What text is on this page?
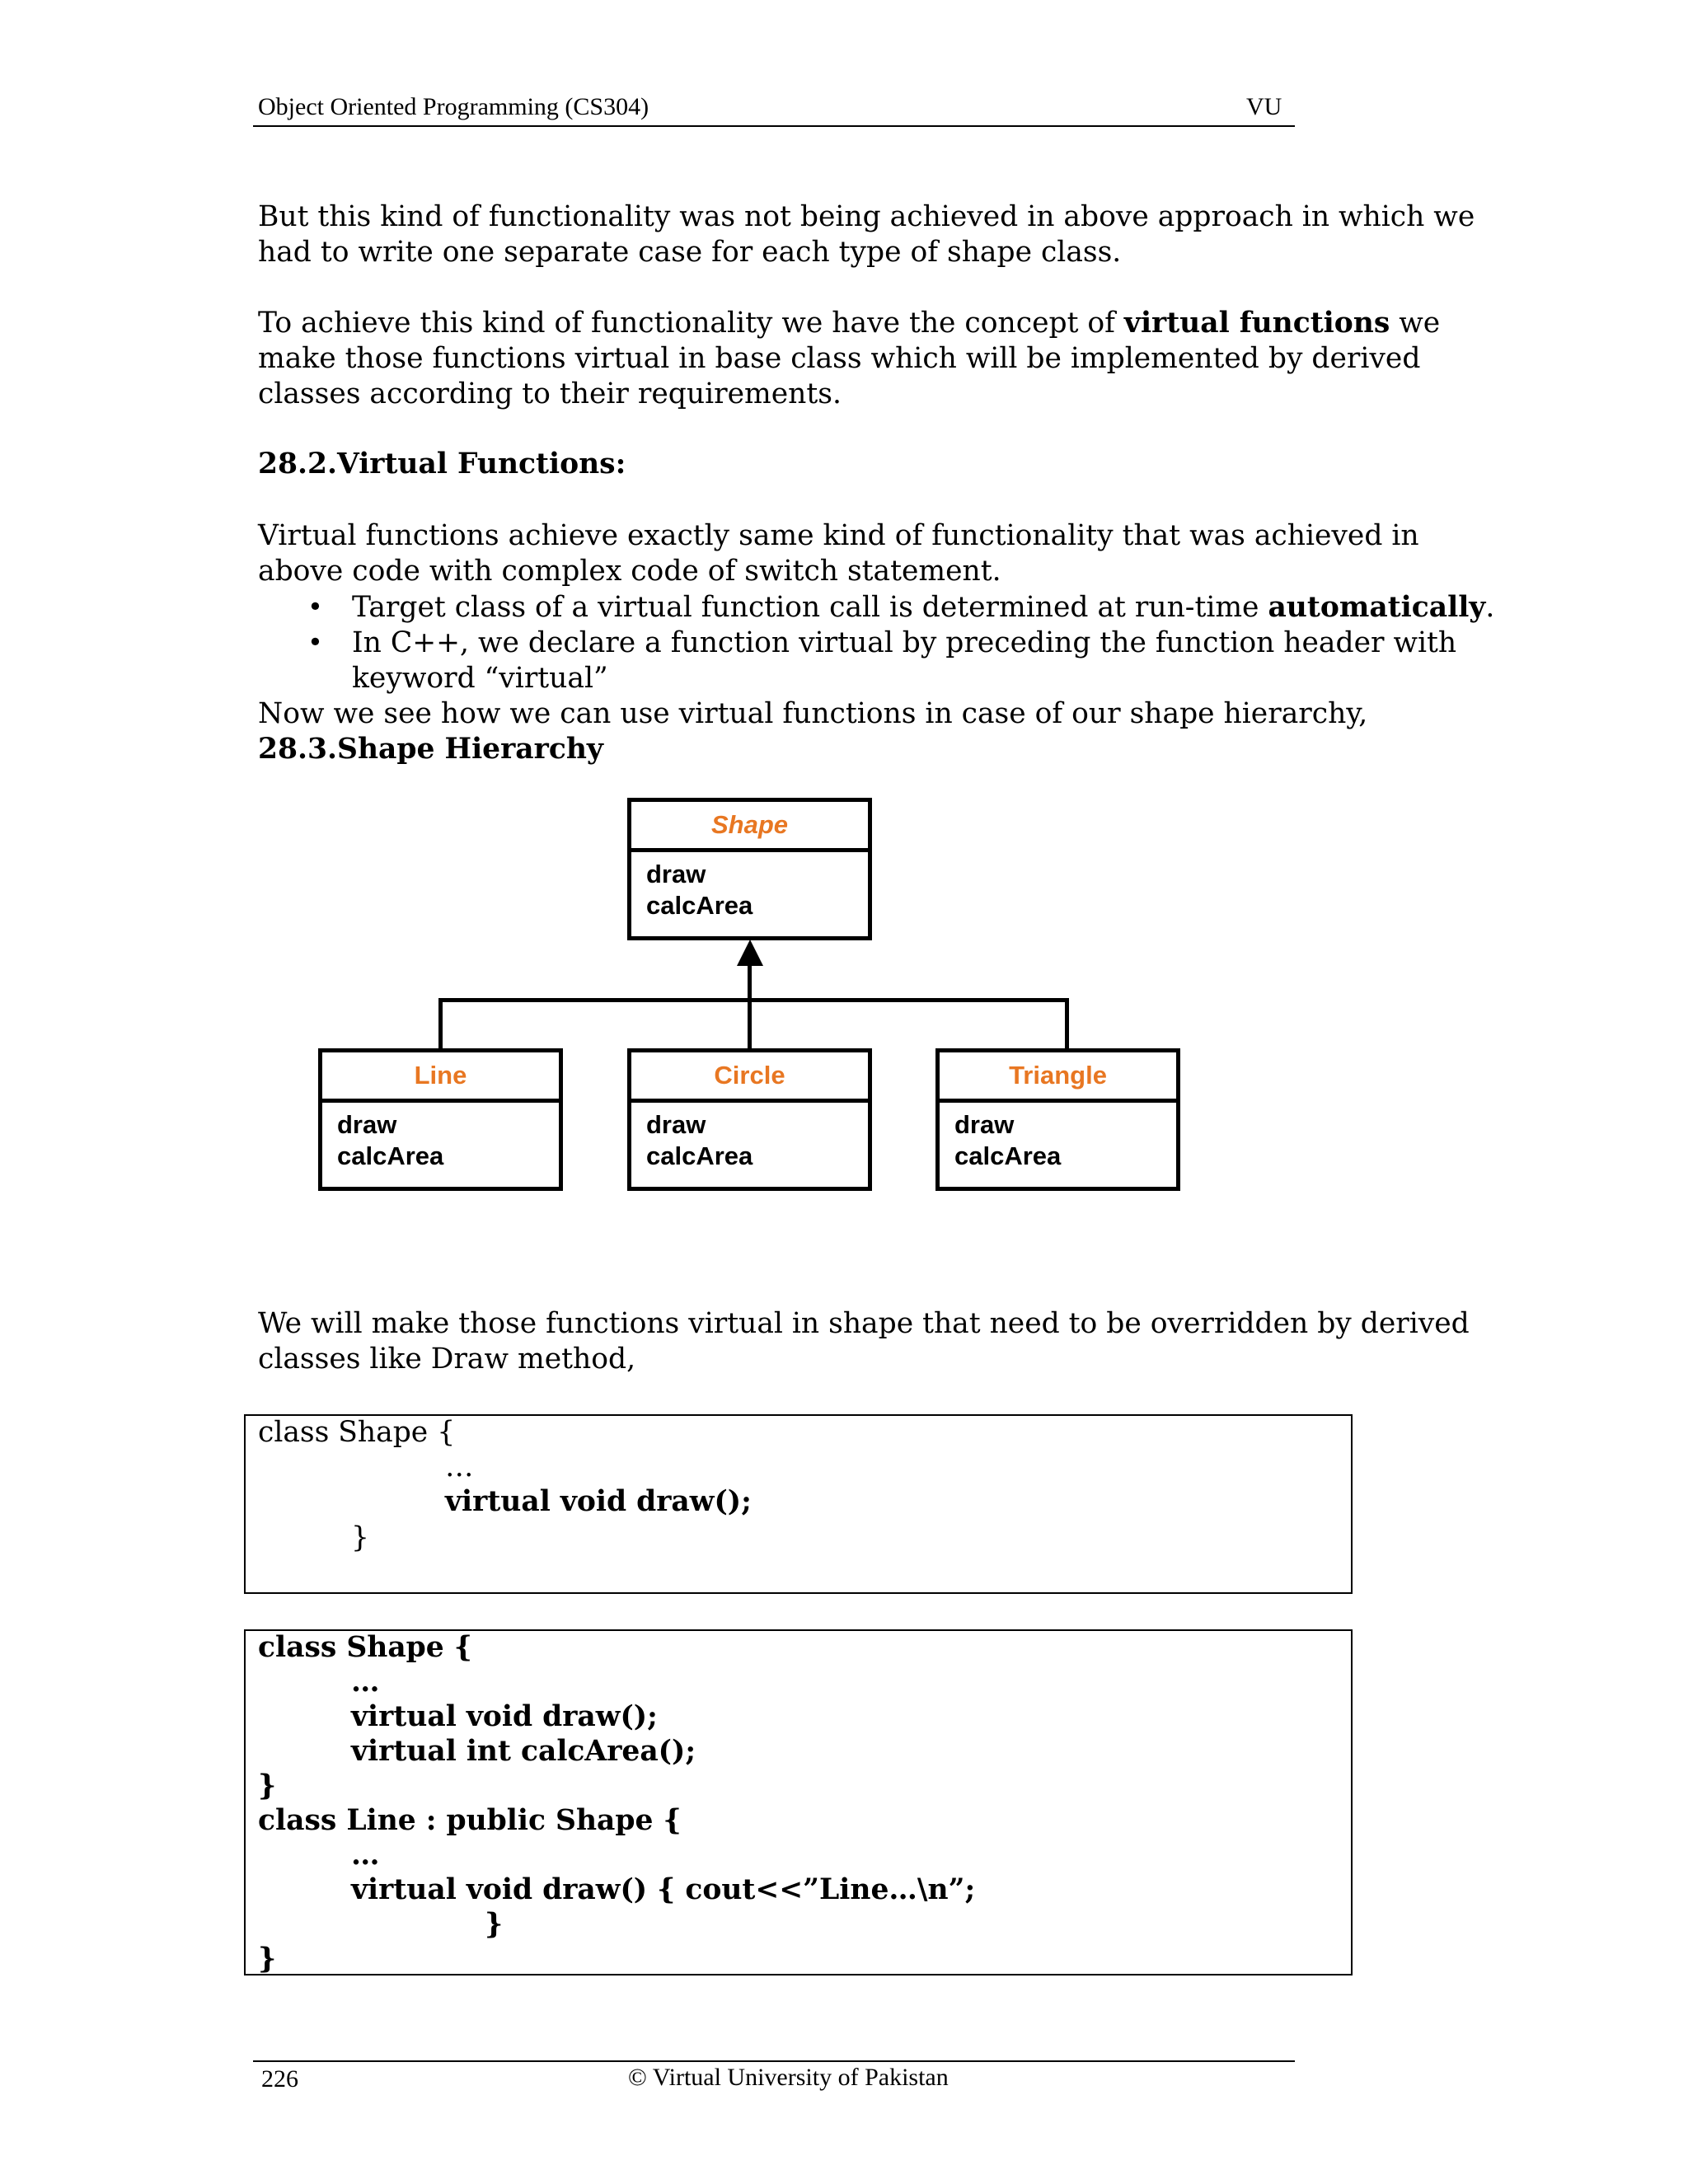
Object Oriented Programming (CS304)	VU
But this kind of functionality was not being achieved in above approach in which we
had to write one separate case for each type of shape class.
To achieve this kind of functionality we have the concept of virtual functions we
make those functions virtual in base class which will be implemented by derived
classes according to their requirements.
28.2.Virtual Functions:
Virtual functions achieve exactly same kind of functionality that was achieved in
above code with complex code of switch statement.
• Target class of a virtual function call is determined at run-time automatically.
• In C++, we declare a function virtual by preceding the function header with
keyword “virtual”
Now we see how we can use virtual functions in case of our shape hierarchy,
28.3.Shape Hierarchy
Shape
draw
calcArea
Line
draw
calcArea
Circle
draw
calcArea
Triangle
draw
calcArea
We will make those functions virtual in shape that need to be overridden by derived
classes like Draw method,
class Shape {
…
virtual void draw();
}
class Shape {
…
virtual void draw();
virtual int calcArea();
}
class Line : public Shape {
…
virtual void draw() { cout<<”Line…\n”;
}
}
226	© Virtual University of Pakistan
